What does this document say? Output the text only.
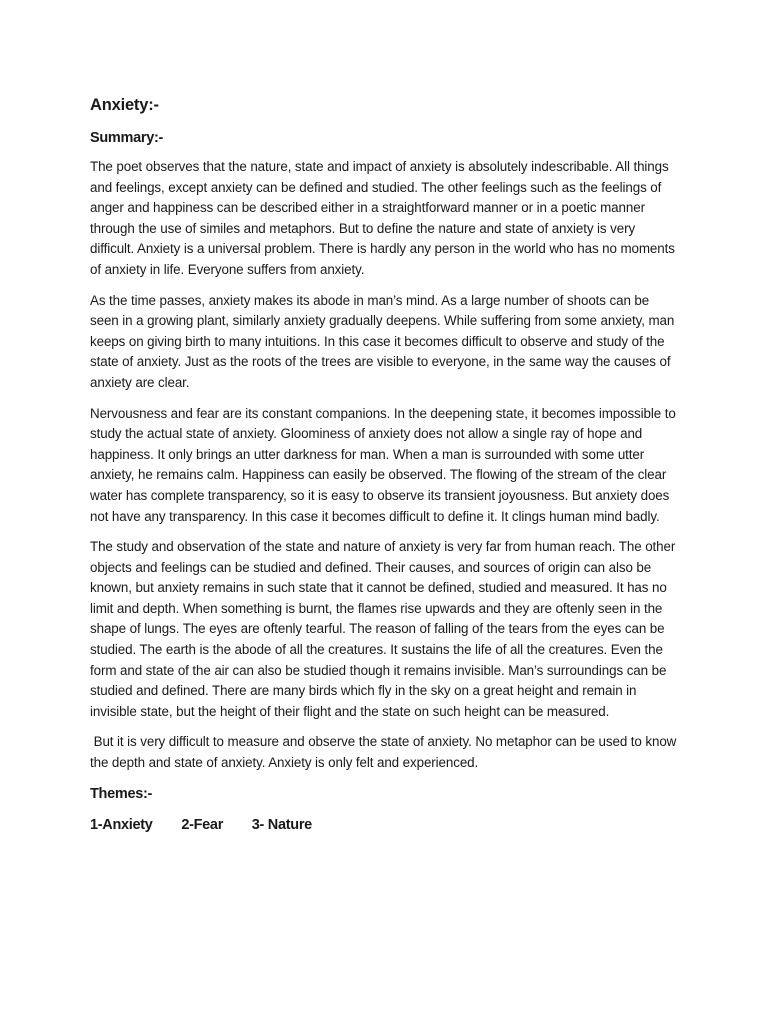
Anxiety:-
Summary:-

The poet observes that the nature, state and impact of anxiety is absolutely indescribable. All things and feelings, except anxiety can be defined and studied. The other feelings such as the feelings of anger and happiness can be described either in a straightforward manner or in a poetic manner through the use of similes and metaphors. But to define the nature and state of anxiety is very difficult. Anxiety is a universal problem. There is hardly any person in the world who has no moments of anxiety in life. Everyone suffers from anxiety.

As the time passes, anxiety makes its abode in man’s mind. As a large number of shoots can be seen in a growing plant, similarly anxiety gradually deepens. While suffering from some anxiety, man keeps on giving birth to many intuitions. In this case it becomes difficult to observe and study of the state of anxiety. Just as the roots of the trees are visible to everyone, in the same way the causes of anxiety are clear.

Nervousness and fear are its constant companions. In the deepening state, it becomes impossible to study the actual state of anxiety. Gloominess of anxiety does not allow a single ray of hope and happiness. It only brings an utter darkness for man. When a man is surrounded with some utter anxiety, he remains calm. Happiness can easily be observed. The flowing of the stream of the clear water has complete transparency, so it is easy to observe its transient joyousness. But anxiety does not have any transparency. In this case it becomes difficult to define it. It clings human mind badly.

The study and observation of the state and nature of anxiety is very far from human reach. The other objects and feelings can be studied and defined. Their causes, and sources of origin can also be known, but anxiety remains in such state that it cannot be defined, studied and measured. It has no limit and depth. When something is burnt, the flames rise upwards and they are oftenly seen in the shape of lungs. The eyes are oftenly tearful. The reason of falling of the tears from the eyes can be studied. The earth is the abode of all the creatures. It sustains the life of all the creatures. Even the form and state of the air can also be studied though it remains invisible. Man’s surroundings can be studied and defined. There are many birds which fly in the sky on a great height and remain in invisible state, but the height of their flight and the state on such height can be measured.

But it is very difficult to measure and observe the state of anxiety. No metaphor can be used to know the depth and state of anxiety. Anxiety is only felt and experienced.

Themes:-
1-Anxiety 2-Fear 3- Nature
